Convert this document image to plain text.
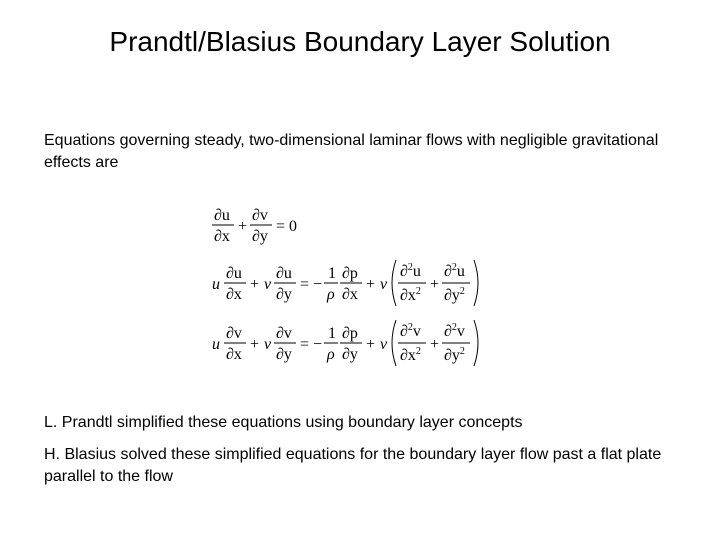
Prandtl/Blasius Boundary Layer Solution
Equations governing steady, two-dimensional laminar flows with negligible gravitational effects are
∂u
∂x
+
∂v
∂y
= 0
u
∂u
∂x
+ v
∂u
∂y
= −
1
ρ
∂p
∂x
+ ν
∂$^2$u
$\partial x^2$ +
∂$^2$u
$\partial y^2$
u
∂v
∂x
+ v
∂v
∂y
= −
1
ρ
∂p
∂y
+ ν
∂$^2$v
$\partial x^2$ +
∂$^2$v
$\partial y^2$
L. Prandtl simplified these equations using boundary layer concepts
H. Blasius solved these simplified equations for the boundary layer flow past a flat plate parallel to the flow
